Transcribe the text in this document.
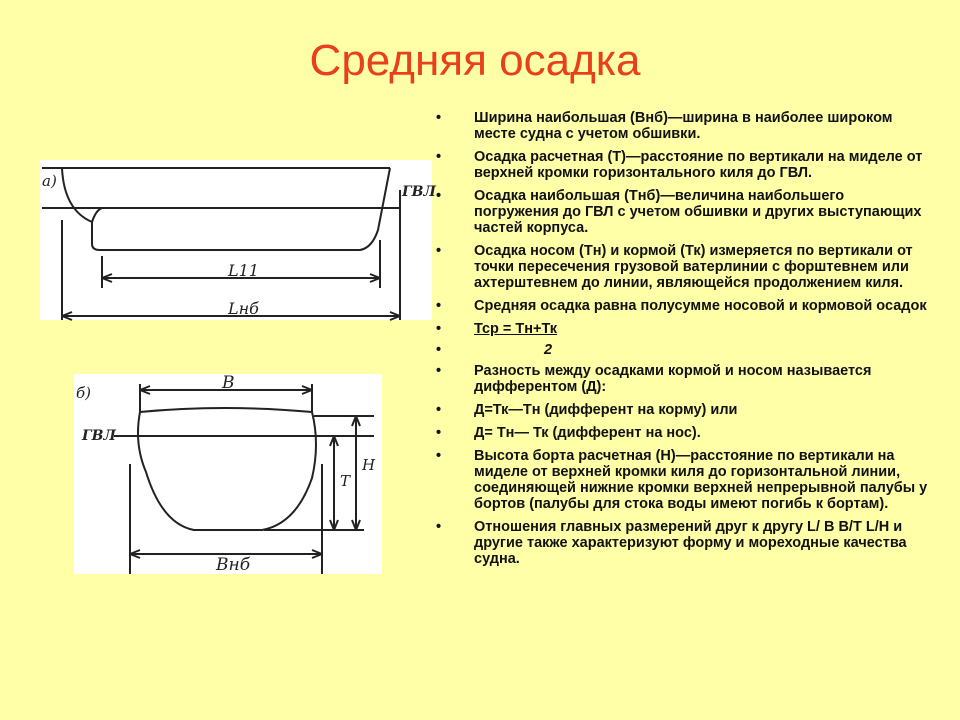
Средняя осадка
а)
ГВЛ
L11
Lнб
б)
ГВЛ
В
Внб
Т
Н
• Ширина наибольшая (Внб)—ширина в наиболее широком месте судна с учетом обшивки.
• Осадка расчетная (Т)—расстояние по вертикали на миделе от верхней кромки горизонтального киля до ГВЛ.
• Осадка наибольшая (Тнб)—величина наибольшего погружения до ГВЛ с учетом обшивки и других выступающих частей корпуса.
• Осадка носом (Тн) и кормой (Тк) измеряется по вертикали от точки пересечения грузовой ватерлинии с форштевнем или ахтерштевнем до линии, являющейся продолжением киля.
• Средняя осадка равна полусумме носовой и кормовой осадок
• Тср = Тн+Тк
•	2
• Разность между осадками кормой и носом называется дифферентом (Д):
• Д=Тк—Тн (дифферент на корму) или
• Д= Тн— Тк (дифферент на нос).
• Высота борта расчетная (Н)—расстояние по вертикали на миделе от верхней кромки киля до горизонтальной линии, соединяющей нижние кромки верхней непрерывной палубы у бортов (палубы для стока воды имеют погибь к бортам).
• Отношения главных размерений друг к другу L/ В В/Т L/Н и другие также характеризуют форму и мореходные качества судна.
